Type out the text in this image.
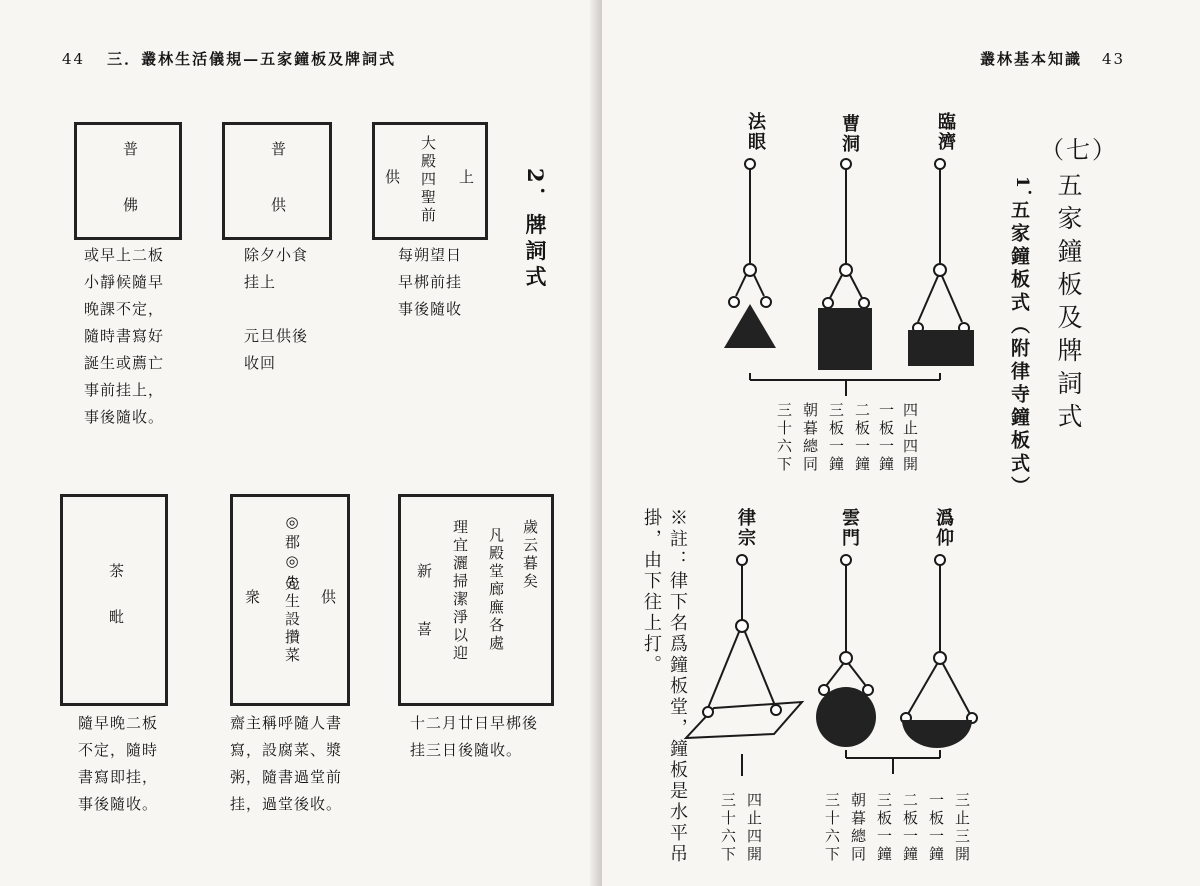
44 三．叢林生活儀規—五家鐘板及牌詞式
2．牌詞式
普
佛
普
供
上
供 大殿四聖前
或早上二板
小靜候隨早
晚課不定，
隨時書寫好
誕生或薦亡
事前挂上，
事後隨收。
除夕小食
挂上

元旦供後
收回
每朔望日
早梆前挂
事後隨收
茶
毗
供
先生設攢菜
◎郡◎◎
衆
歲云暮矣
凡殿堂廊廡各處
理宜灑掃潔淨以迎
新
喜
隨早晚二板
不定，隨時
書寫即挂，
事後隨收。
齋主稱呼隨人書
寫，設腐菜、漿
粥，隨書過堂前
挂，過堂後收。
十二月廿日早梆後
挂三日後隨收。
叢林基本知識 43
（七）
五家鐘板及牌詞式
1．
五家鐘板式（附律寺鐘板式）
臨濟
曹洞
法眼
四止四開
一板一鐘
二板一鐘
三板一鐘
朝暮總同
三十六下
潙仰
雲門
律宗
三止三開
一板一鐘
二板一鐘
三板一鐘
朝暮總同
三十六下
四止四開
三十六下
※註：律下名爲鐘板堂，鐘板是水平吊掛，由下往上打。
